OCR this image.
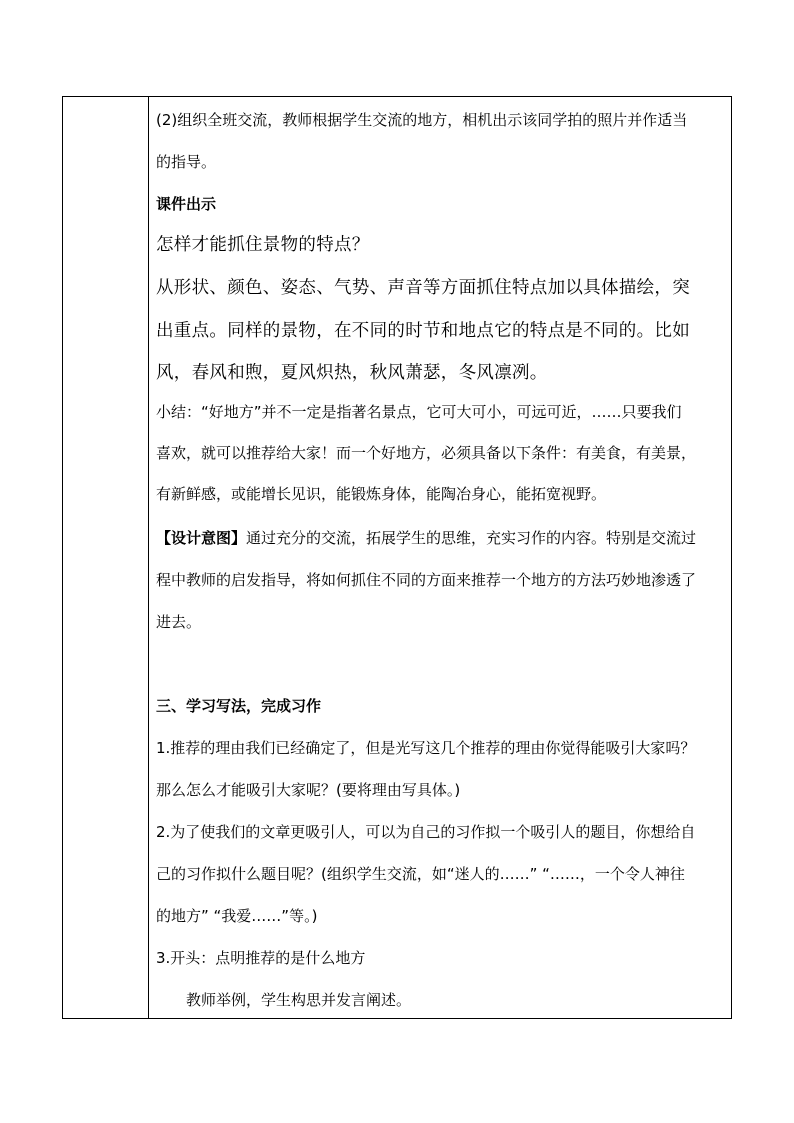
(2)组织全班交流，教师根据学生交流的地方，相机出示该同学拍的照片并作适当
的指导。
课件出示
怎样才能抓住景物的特点？
从形状、颜色、姿态、气势、声音等方面抓住特点加以具体描绘，突
出重点。同样的景物，在不同的时节和地点它的特点是不同的。比如
风，春风和煦，夏风炽热，秋风萧瑟，冬风凛冽。
小结：“好地方”并不一定是指著名景点，它可大可小，可远可近，……只要我们
喜欢，就可以推荐给大家！而一个好地方，必须具备以下条件：有美食，有美景，
有新鲜感，或能增长见识，能锻炼身体，能陶冶身心，能拓宽视野。
【设计意图】通过充分的交流，拓展学生的思维，充实习作的内容。特别是交流过
程中教师的启发指导，将如何抓住不同的方面来推荐一个地方的方法巧妙地渗透了
进去。
三、学习写法，完成习作
1.推荐的理由我们已经确定了，但是光写这几个推荐的理由你觉得能吸引大家吗？
那么怎么才能吸引大家呢？(要将理由写具体。)
2.为了使我们的文章更吸引人，可以为自己的习作拟一个吸引人的题目，你想给自
己的习作拟什么题目呢？(组织学生交流，如“迷人的……” “……，一个令人神往
的地方” “我爱……”等。)
3.开头：点明推荐的是什么地方
教师举例，学生构思并发言阐述。
